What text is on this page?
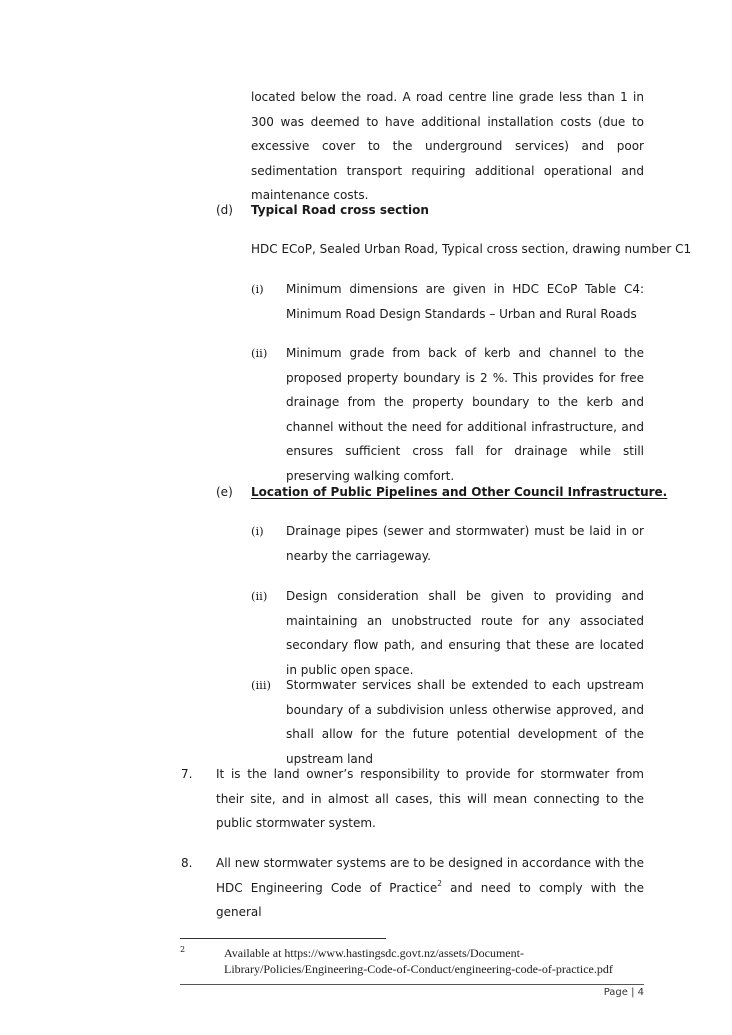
located below the road. A road centre line grade less than 1 in 300 was deemed to have additional installation costs (due to excessive cover to the underground services) and poor sedimentation transport requiring additional operational and maintenance costs.
(d) Typical Road cross section
HDC ECoP, Sealed Urban Road, Typical cross section, drawing number C1
(i) Minimum dimensions are given in HDC ECoP Table C4: Minimum Road Design Standards – Urban and Rural Roads
(ii) Minimum grade from back of kerb and channel to the proposed property boundary is 2 %. This provides for free drainage from the property boundary to the kerb and channel without the need for additional infrastructure, and ensures sufficient cross fall for drainage while still preserving walking comfort.
(e) Location of Public Pipelines and Other Council Infrastructure.
(i) Drainage pipes (sewer and stormwater) must be laid in or nearby the carriageway.
(ii) Design consideration shall be given to providing and maintaining an unobstructed route for any associated secondary flow path, and ensuring that these are located in public open space.
(iii) Stormwater services shall be extended to each upstream boundary of a subdivision unless otherwise approved, and shall allow for the future potential development of the upstream land
7. It is the land owner’s responsibility to provide for stormwater from their site, and in almost all cases, this will mean connecting to the public stormwater system.
8. All new stormwater systems are to be designed in accordance with the HDC Engineering Code of Practice$^2$ and need to comply with the general
2	Available at https://www.hastingsdc.govt.nz/assets/Document-Library/Policies/Engineering-Code-of-Conduct/engineering-code-of-practice.pdf
Page | 4
